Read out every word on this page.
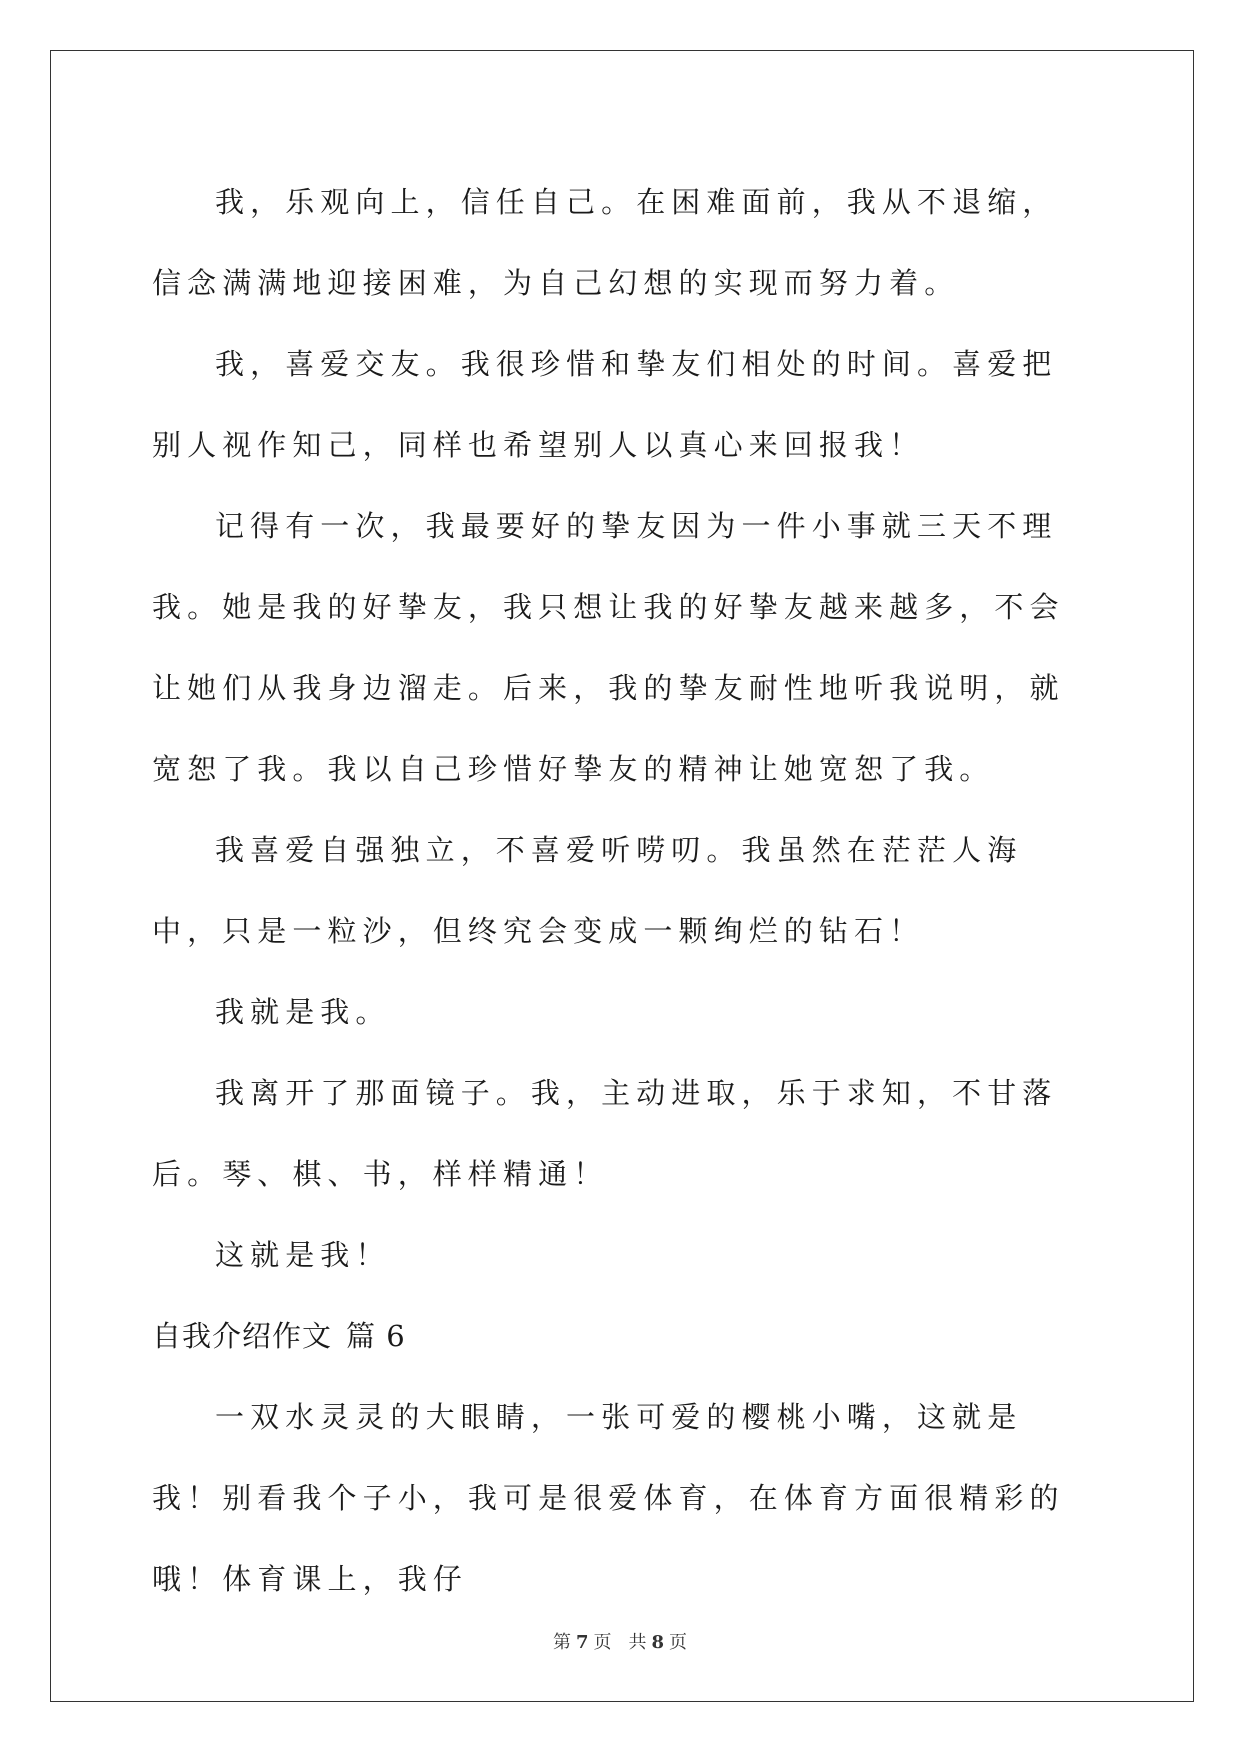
我，乐观向上，信任自己。在困难面前，我从不退缩，信念满满地迎接困难，为自己幻想的实现而努力着。

我，喜爱交友。我很珍惜和挚友们相处的时间。喜爱把别人视作知己，同样也希望别人以真心来回报我！

记得有一次，我最要好的挚友因为一件小事就三天不理我。她是我的好挚友，我只想让我的好挚友越来越多，不会让她们从我身边溜走。后来，我的挚友耐性地听我说明，就宽恕了我。我以自己珍惜好挚友的精神让她宽恕了我。

我喜爱自强独立，不喜爱听唠叨。我虽然在茫茫人海中，只是一粒沙，但终究会变成一颗绚烂的钻石！

我就是我。

我离开了那面镜子。我，主动进取，乐于求知，不甘落后。琴、棋、书，样样精通！

这就是我！

自我介绍作文 篇 6

一双水灵灵的大眼睛，一张可爱的樱桃小嘴，这就是我！别看我个子小，我可是很爱体育，在体育方面很精彩的哦！体育课上，我仔

第 7 页 共 8 页
